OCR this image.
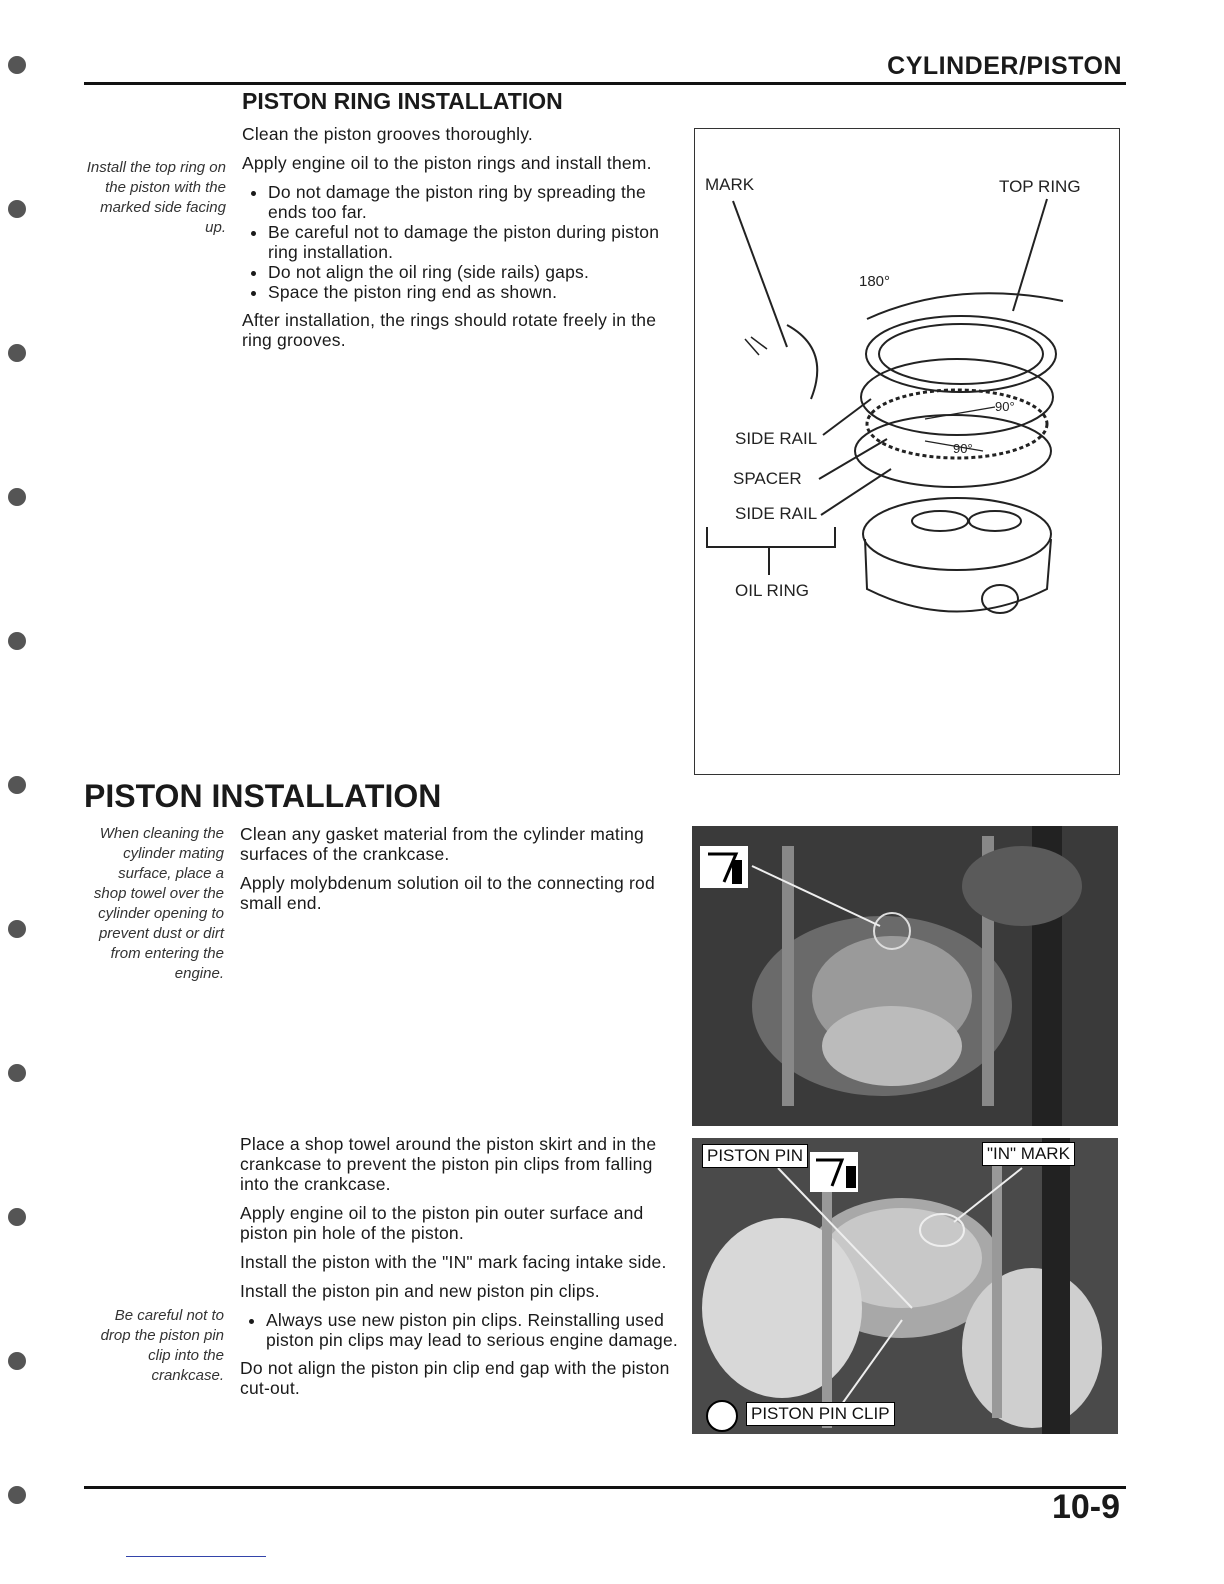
CYLINDER/PISTON
PISTON RING INSTALLATION
Install the top ring on the piston with the marked side facing up.

Clean the piston grooves thoroughly.

Apply engine oil to the piston rings and install them.

• Do not damage the piston ring by spreading the ends too far.
• Be careful not to damage the piston during piston ring installation.
• Do not align the oil ring (side rails) gaps.
• Space the piston ring end as shown.

After installation, the rings should rotate freely in the ring grooves.

MARK	TOP RING
180°
90°
90°
SIDE RAIL
SPACER
SIDE RAIL
OIL RING
PISTON INSTALLATION
When cleaning the cylinder mating surface, place a shop towel over the cylinder opening to prevent dust or dirt from entering the engine.

Clean any gasket material from the cylinder mating surfaces of the crankcase.

Apply molybdenum solution oil to the connecting rod small end.

Place a shop towel around the piston skirt and in the crankcase to prevent the piston pin clips from falling into the crankcase.

Apply engine oil to the piston pin outer surface and piston pin hole of the piston.

Install the piston with the "IN" mark facing intake side.

Install the piston pin and new piston pin clips.

• Always use new piston pin clips. Reinstalling used piston pin clips may lead to serious engine damage.

Do not align the piston pin clip end gap with the piston cut-out.

Be careful not to drop the piston pin clip into the crankcase.
PISTON PIN	"IN" MARK
PISTON PIN CLIP
10-9
